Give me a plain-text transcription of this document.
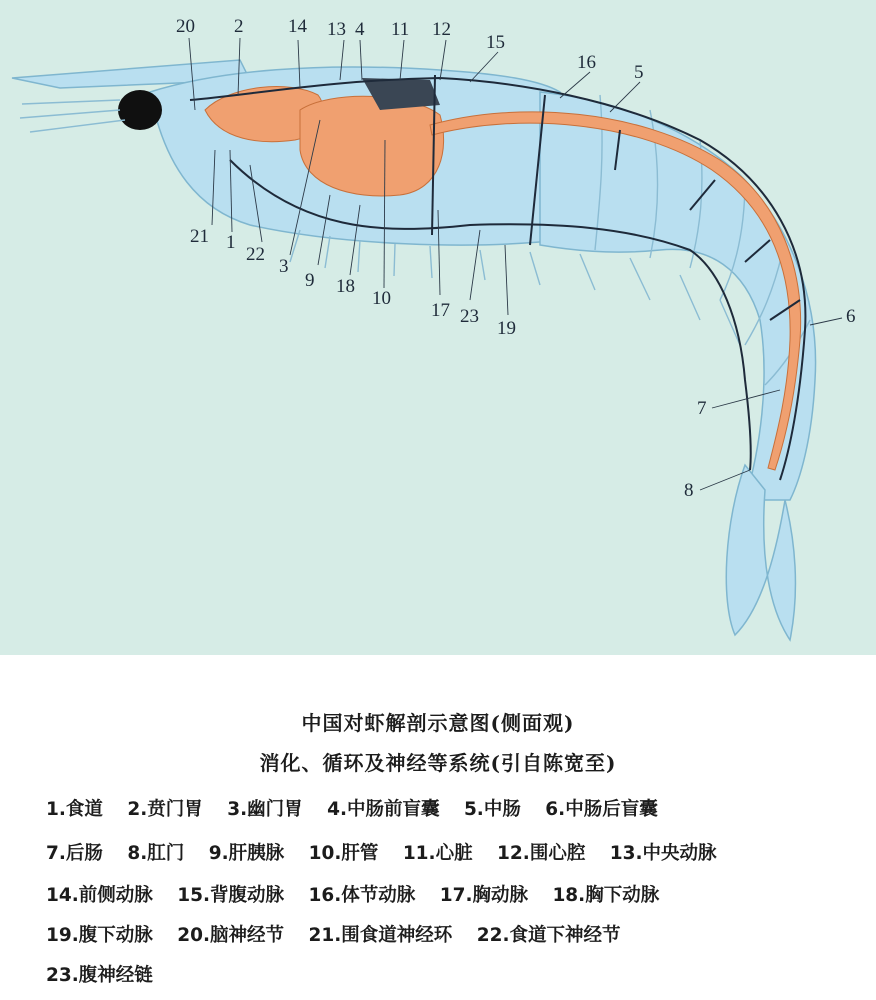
1
2
3
4
5
6
7
8
9
10
11 12
13
14
15
16
17
18
19
20
21
22
23
中国对虾解剖示意图(侧面观)
消化、循环及神经等系统(引自陈宽至)
1.食道 2.贲门胃 3.幽门胃 4.中肠前盲囊 5.中肠 6.中肠后盲囊
7.后肠 8.肛门 9.肝胰脉 10.肝管 11.心脏 12.围心腔 13.中央动脉
14.前侧动脉 15.背腹动脉 16.体节动脉 17.胸动脉 18.胸下动脉
19.腹下动脉 20.脑神经节 21.围食道神经环 22.食道下神经节
23.腹神经链
